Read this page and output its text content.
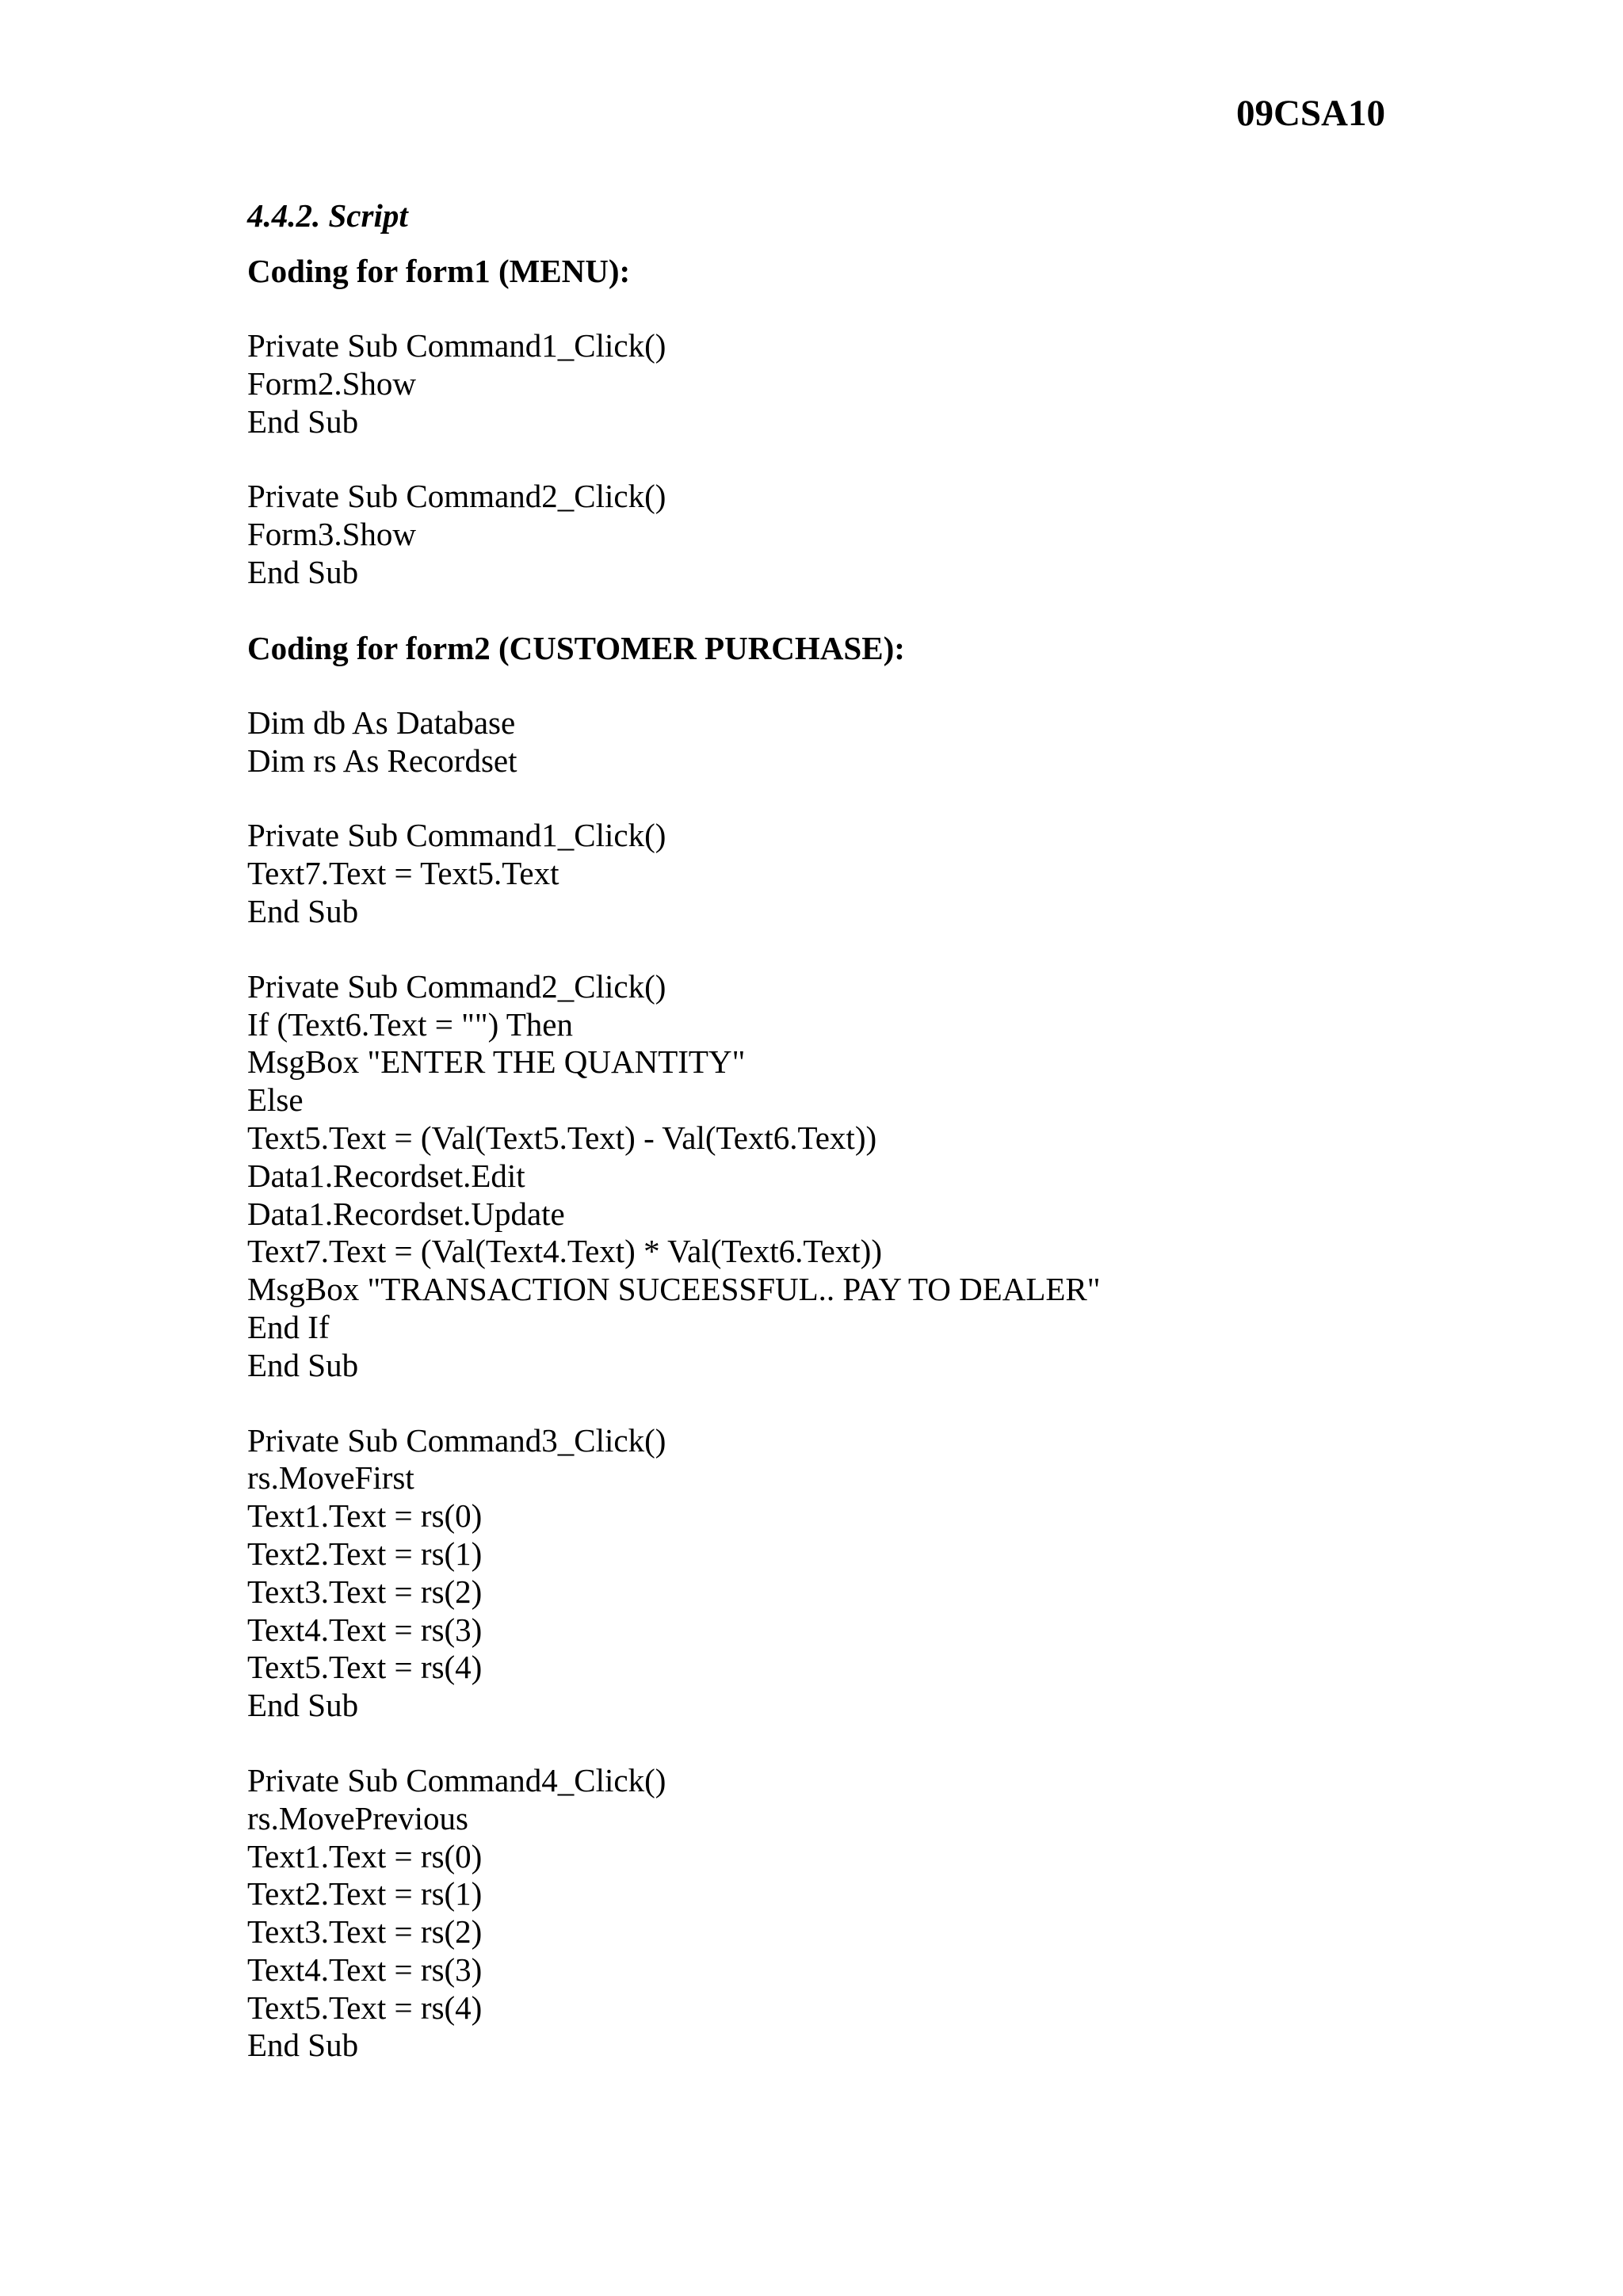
09CSA10
4.4.2. Script
Coding for form1 (MENU):
Private Sub Command1_Click()
Form2.Show
End Sub
Private Sub Command2_Click()
Form3.Show
End Sub
Coding for form2 (CUSTOMER PURCHASE):
Dim db As Database
Dim rs As Recordset
Private Sub Command1_Click()
Text7.Text = Text5.Text
End Sub
Private Sub Command2_Click()
If (Text6.Text = "") Then
MsgBox "ENTER THE QUANTITY"
Else
Text5.Text = (Val(Text5.Text) - Val(Text6.Text))
Data1.Recordset.Edit
Data1.Recordset.Update
Text7.Text = (Val(Text4.Text) * Val(Text6.Text))
MsgBox "TRANSACTION SUCEESSFUL.. PAY TO DEALER"
End If
End Sub
Private Sub Command3_Click()
rs.MoveFirst
Text1.Text = rs(0)
Text2.Text = rs(1)
Text3.Text = rs(2)
Text4.Text = rs(3)
Text5.Text = rs(4)
End Sub
Private Sub Command4_Click()
rs.MovePrevious
Text1.Text = rs(0)
Text2.Text = rs(1)
Text3.Text = rs(2)
Text4.Text = rs(3)
Text5.Text = rs(4)
End Sub
